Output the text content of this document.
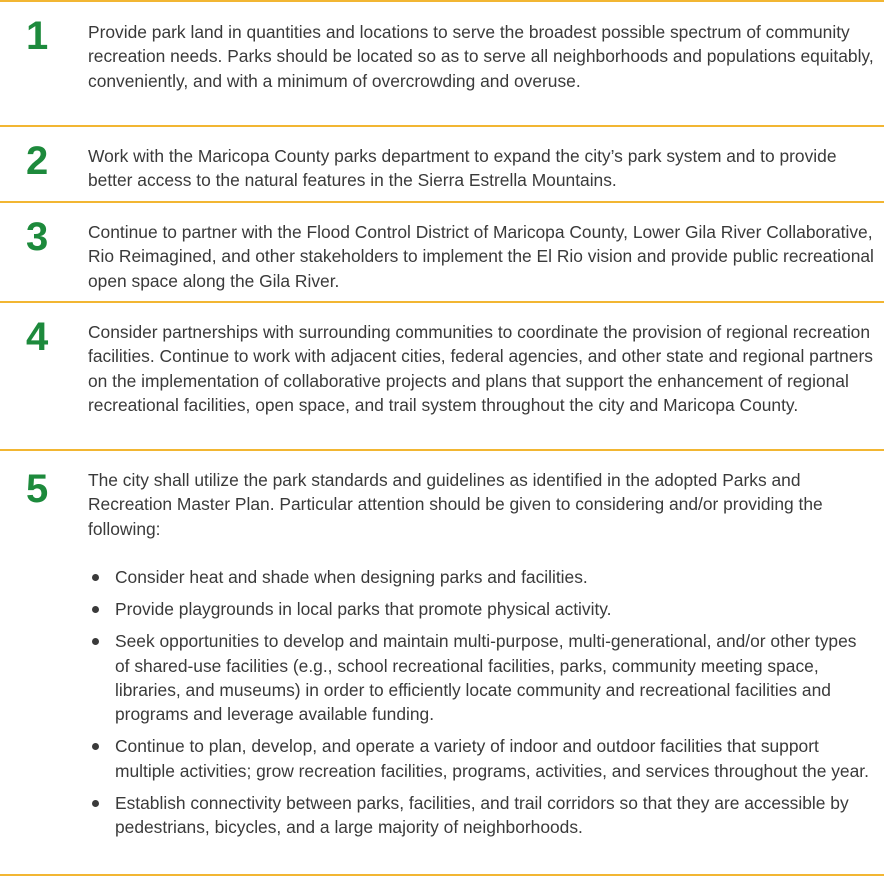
1 Provide park land in quantities and locations to serve the broadest possible spectrum of community recreation needs. Parks should be located so as to serve all neighborhoods and populations equitably, conveniently, and with a minimum of overcrowding and overuse.
2 Work with the Maricopa County parks department to expand the city’s park system and to provide better access to the natural features in the Sierra Estrella Mountains.
3 Continue to partner with the Flood Control District of Maricopa County, Lower Gila River Collaborative, Rio Reimagined, and other stakeholders to implement the El Rio vision and provide public recreational open space along the Gila River.
4 Consider partnerships with surrounding communities to coordinate the provision of regional recreation facilities. Continue to work with adjacent cities, federal agencies, and other state and regional partners on the implementation of collaborative projects and plans that support the enhancement of regional recreational facilities, open space, and trail system throughout the city and Maricopa County.
5 The city shall utilize the park standards and guidelines as identified in the adopted Parks and Recreation Master Plan. Particular attention should be given to considering and/or providing the following:
Consider heat and shade when designing parks and facilities.
Provide playgrounds in local parks that promote physical activity.
Seek opportunities to develop and maintain multi-purpose, multi-generational, and/or other types of shared-use facilities (e.g., school recreational facilities, parks, community meeting space, libraries, and museums) in order to efficiently locate community and recreational facilities and programs and leverage available funding.
Continue to plan, develop, and operate a variety of indoor and outdoor facilities that support multiple activities; grow recreation facilities, programs, activities, and services throughout the year.
Establish connectivity between parks, facilities, and trail corridors so that they are accessible by pedestrians, bicycles, and a large majority of neighborhoods.
